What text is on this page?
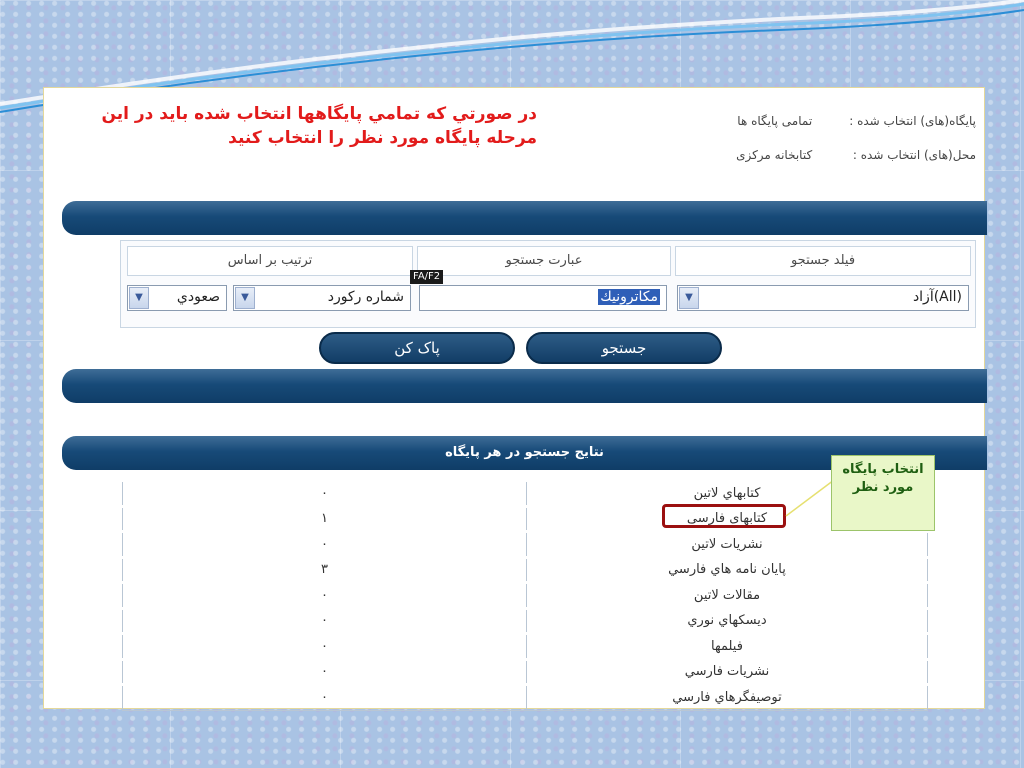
در صورتي كه تمامي پايگاهها انتخاب شده بايد در اين مرحله پايگاه مورد نظر را انتخاب كنيد
پایگاه(های) انتخاب شده : تمامی پایگاه ها
محل(های) انتخاب شده : کتابخانه مرکزی
ترتیب بر اساس	عبارت جستجو	فیلد جستجو
▼	صعودي	▼	شماره رکورد	مكاترونيك	▼	آزاد(All)
FA/F2
پاک کن	جستجو
نتايج جستجو در هر پايگاه
٠	كتابهاي لاتين
١	كتابهاى فارسى
٠	نشريات لاتين
٣	پايان نامه هاي فارسي
٠	مقالات لاتين
٠	ديسكهاي نوري
٠	فيلمها
٠	نشريات فارسي
٠	توصيفگرهاي فارسي
انتخاب پایگاه مورد نظر
